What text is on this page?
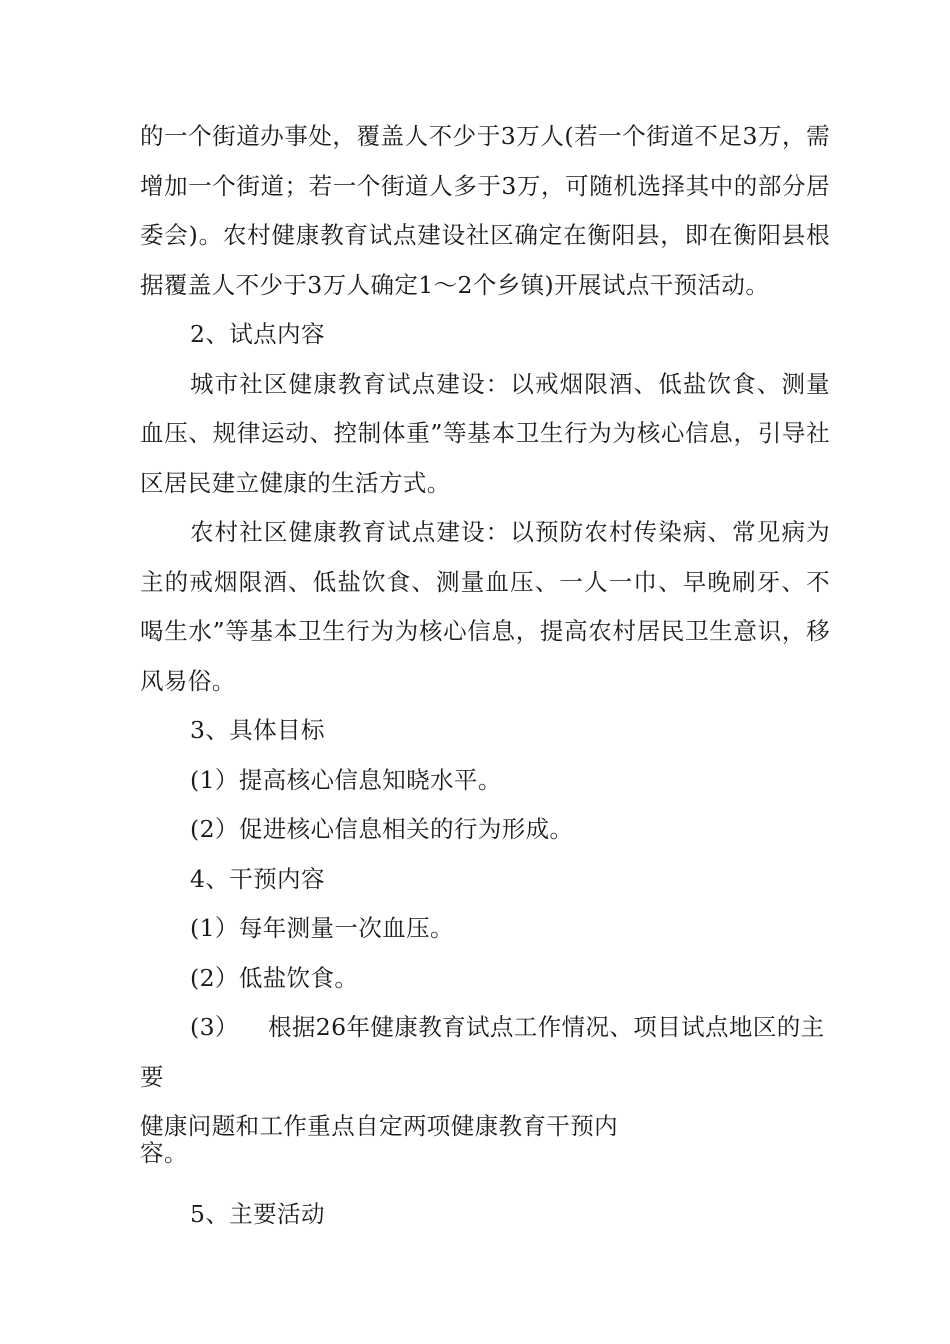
的一个街道办事处，覆盖人不少于3万人(若一个街道不足3万，需增加一个街道；若一个街道人多于3万，可随机选择其中的部分居委会)。农村健康教育试点建设社区确定在衡阳县，即在衡阳县根据覆盖人不少于3万人确定1〜2个乡镇)开展试点干预活动。

2、试点内容

城市社区健康教育试点建设：以戒烟限酒、低盐饮食、测量血压、规律运动、控制体重”等基本卫生行为为核心信息，引导社区居民建立健康的生活方式。

农村社区健康教育试点建设：以预防农村传染病、常见病为主的戒烟限酒、低盐饮食、测量血压、一人一巾、早晚刷牙、不喝生水”等基本卫生行为为核心信息，提高农村居民卫生意识，移风易俗。

3、具体目标

(1）提高核心信息知晓水平。

(2）促进核心信息相关的行为形成。

4、干预内容

(1）每年测量一次血压。

(2）低盐饮食。

(3） 根据26年健康教育试点工作情况、项目试点地区的主要

健康问题和工作重点自定两项健康教育干预内

容。

5、主要活动
